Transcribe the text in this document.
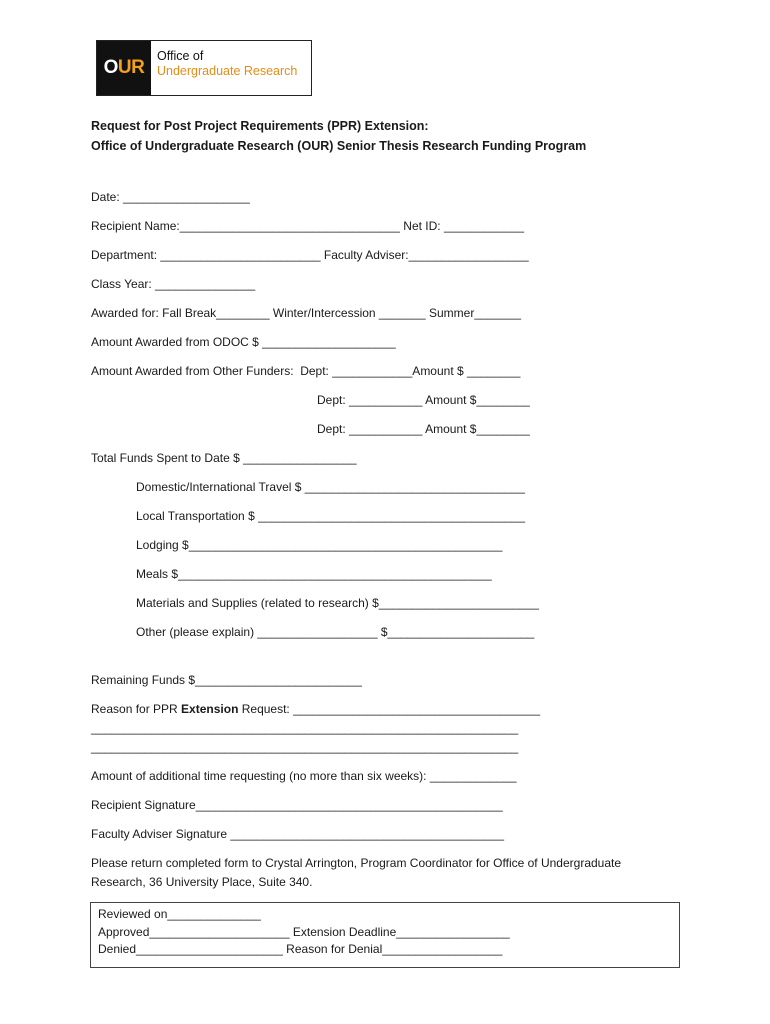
O UR
Office of
Undergraduate Research
Request for Post Project Requirements (PPR) Extension:
Office of Undergraduate Research (OUR) Senior Thesis Research Funding Program
Date: ___________________
Recipient Name:_________________________________ Net ID: ____________
Department: ________________________ Faculty Adviser:__________________
Class Year: _______________
Awarded for: Fall Break________ Winter/Intercession _______ Summer_______
Amount Awarded from ODOC $ ____________________
Amount Awarded from Other Funders:  Dept: ____________Amount $ ________
Dept: ___________ Amount $________
Dept: ___________ Amount $________
Total Funds Spent to Date $ _________________
Domestic/International Travel $ _________________________________
Local Transportation $ ________________________________________
Lodging $_______________________________________________
Meals $_______________________________________________
Materials and Supplies (related to research) $________________________
Other (please explain) __________________ $______________________
Remaining Funds $_________________________
Reason for PPR Extension Request: _____________________________________
________________________________________________________________
________________________________________________________________
Amount of additional time requesting (no more than six weeks): _____________
Recipient Signature______________________________________________
Faculty Adviser Signature _________________________________________
Please return completed form to Crystal Arrington, Program Coordinator for Office of Undergraduate
Research, 36 University Place, Suite 340.
Reviewed on______________
Approved_____________________ Extension Deadline_________________
Denied______________________ Reason for Denial__________________
